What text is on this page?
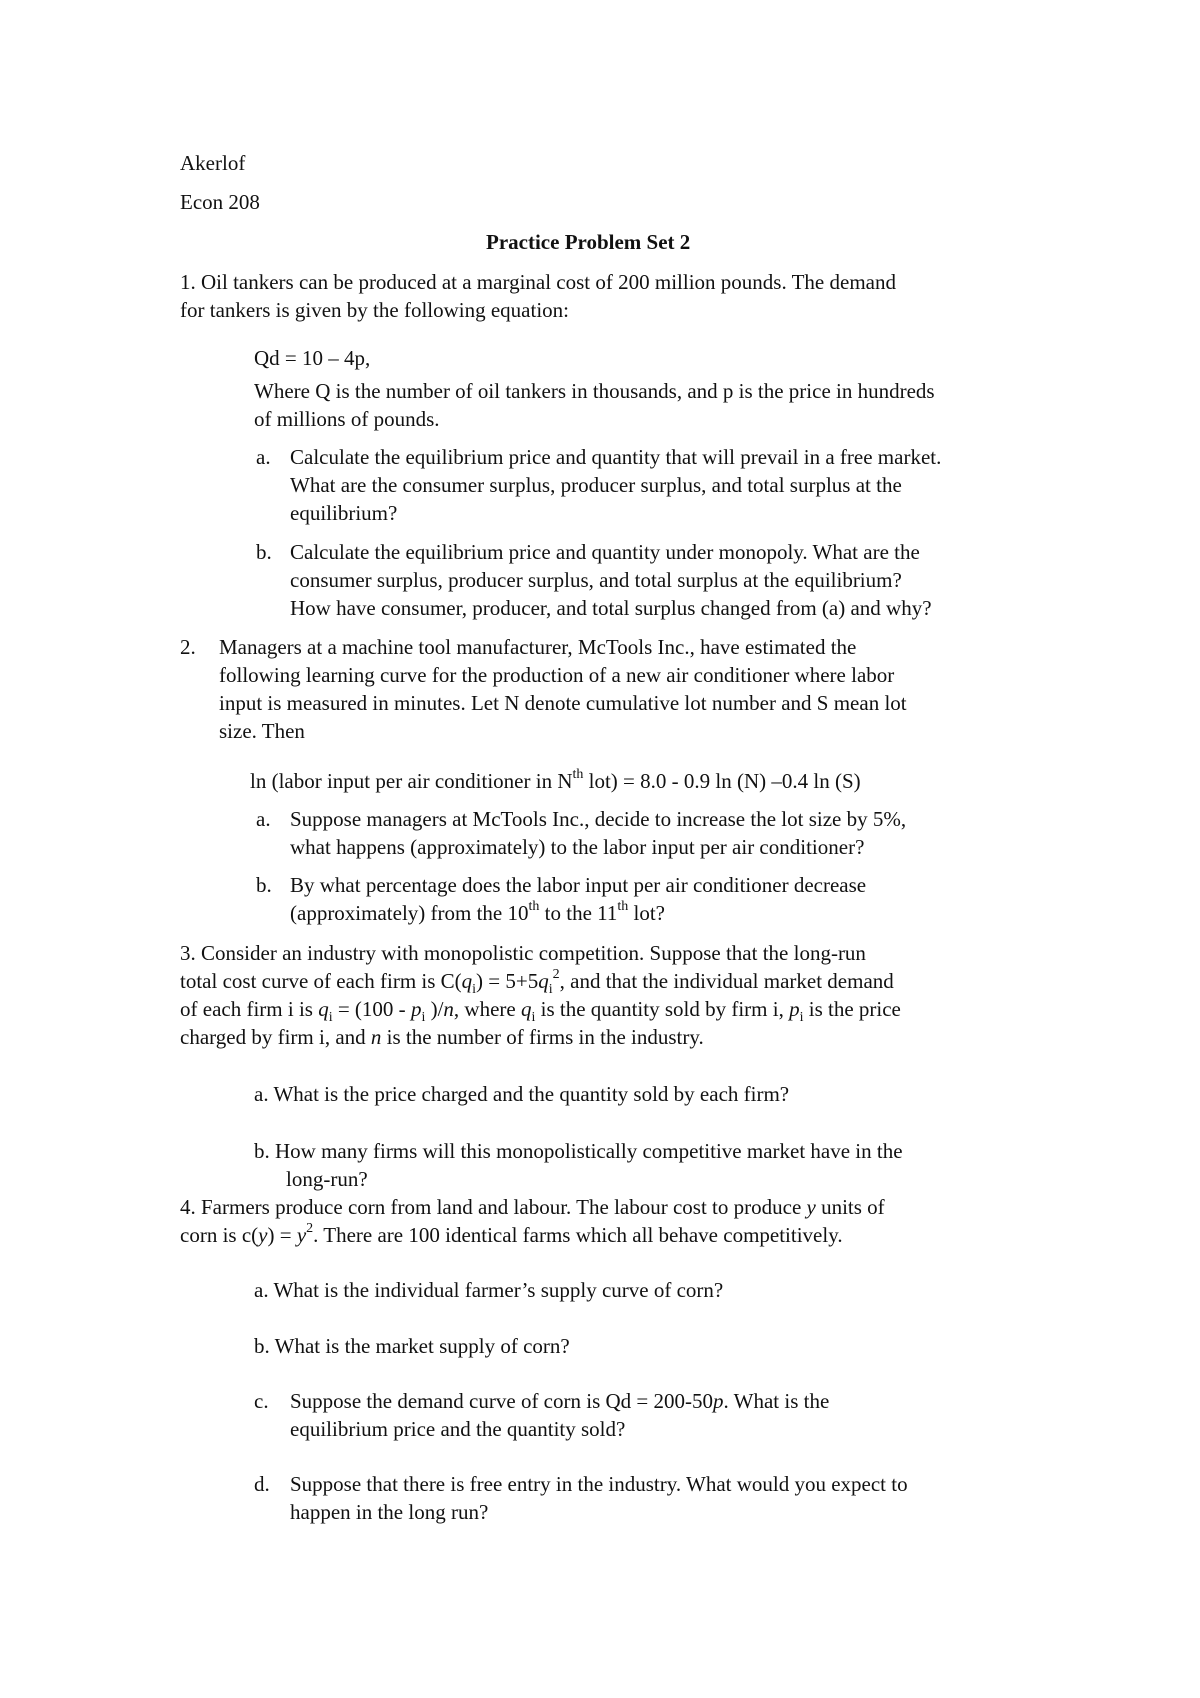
Akerlof
Econ 208
Practice Problem Set 2
1. Oil tankers can be produced at a marginal cost of 200 million pounds. The demand
for tankers is given by the following equation:
Qd = 10 – 4p,
Where Q is the number of oil tankers in thousands, and p is the price in hundreds
of millions of pounds.
a. Calculate the equilibrium price and quantity that will prevail in a free market.
What are the consumer surplus, producer surplus, and total surplus at the
equilibrium?
b. Calculate the equilibrium price and quantity under monopoly. What are the
consumer surplus, producer surplus, and total surplus at the equilibrium?
How have consumer, producer, and total surplus changed from (a) and why?
2. Managers at a machine tool manufacturer, McTools Inc., have estimated the
following learning curve for the production of a new air conditioner where labor
input is measured in minutes. Let N denote cumulative lot number and S mean lot
size. Then
ln (labor input per air conditioner in $N^{th}$ lot) = 8.0 - 0.9 ln (N) –0.4 ln (S)
a. Suppose managers at McTools Inc., decide to increase the lot size by 5%,
what happens (approximately) to the labor input per air conditioner?
b. By what percentage does the labor input per air conditioner decrease
(approximately) from the 10th to the 11th lot?
3. Consider an industry with monopolistic competition. Suppose that the long-run
total cost curve of each firm is $C(q_i) = 5+5q_i^2$, and that the individual market demand
of each firm i is $q_i = (100 - p_i$ )/n, where $q_i$ is the quantity sold by firm i, $p_i$ is the price
charged by firm i, and n is the number of firms in the industry.
a. What is the price charged and the quantity sold by each firm?
b. How many firms will this monopolistically competitive market have in the
long-run?
4. Farmers produce corn from land and labour. The labour cost to produce y units of
corn is $c(y) = y^2$. There are 100 identical farms which all behave competitively.
a. What is the individual farmer’s supply curve of corn?
b. What is the market supply of corn?
c. Suppose the demand curve of corn is Qd = 200-50p. What is the
equilibrium price and the quantity sold?
d. Suppose that there is free entry in the industry. What would you expect to
happen in the long run?
